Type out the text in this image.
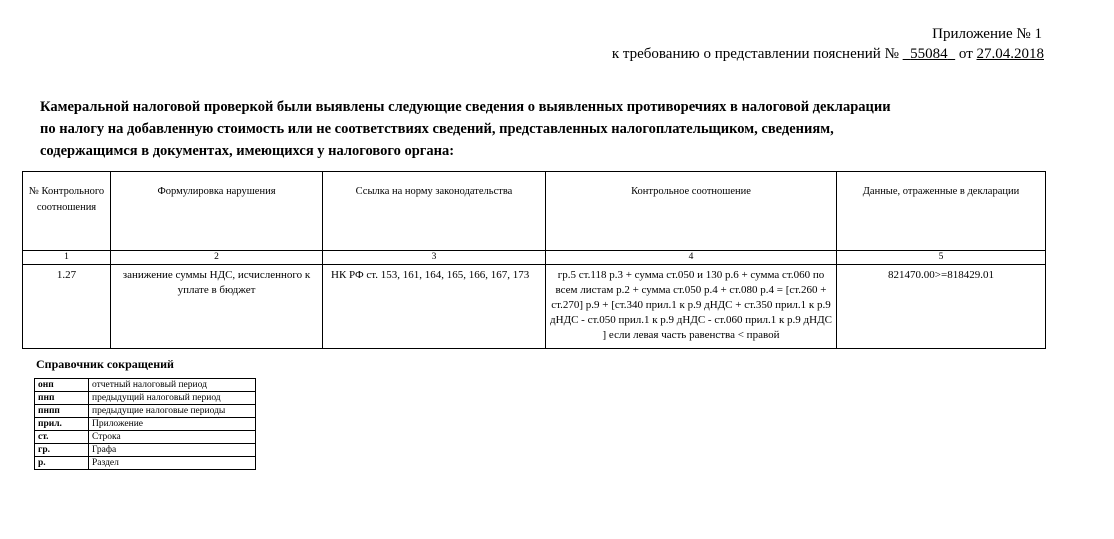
Приложение № 1
к требованию о представлении пояснений № 55084 от 27.04.2018
Камеральной налоговой проверкой были выявлены следующие сведения о выявленных противоречиях в налоговой декларации
по налогу на добавленную стоимость или не соответствиях сведений, представленных налогоплательщиком, сведениям,
содержащимся в документах, имеющихся у налогового органа:
№ Контрольного соотношения	Формулировка нарушения	Ссылка на норму законодательства	Контрольное соотношение	Данные, отраженные в декларации
1	2	3	4	5
1.27	занижение суммы НДС, исчисленного к уплате в бюджет	НК РФ ст. 153, 161, 164, 165, 166, 167, 173	гр.5 ст.118 р.3 + сумма ст.050 и 130 р.6 + сумма ст.060 по всем листам р.2 + сумма ст.050 р.4 + ст.080 р.4 = [ст.260 + ст.270] р.9 + [ст.340 прил.1 к р.9 дНДС + ст.350 прил.1 к р.9 дНДС - ст.050 прил.1 к р.9 дНДС - ст.060 прил.1 к р.9 дНДС ] если левая часть равенства < правой	821470.00>=818429.01
Справочник сокращений
онп	отчетный налоговый период
пнп	предыдущий налоговый период
пнпп	предыдущие налоговые периоды
прил.	Приложение
ст.	Строка
гр.	Графа
р.	Раздел
